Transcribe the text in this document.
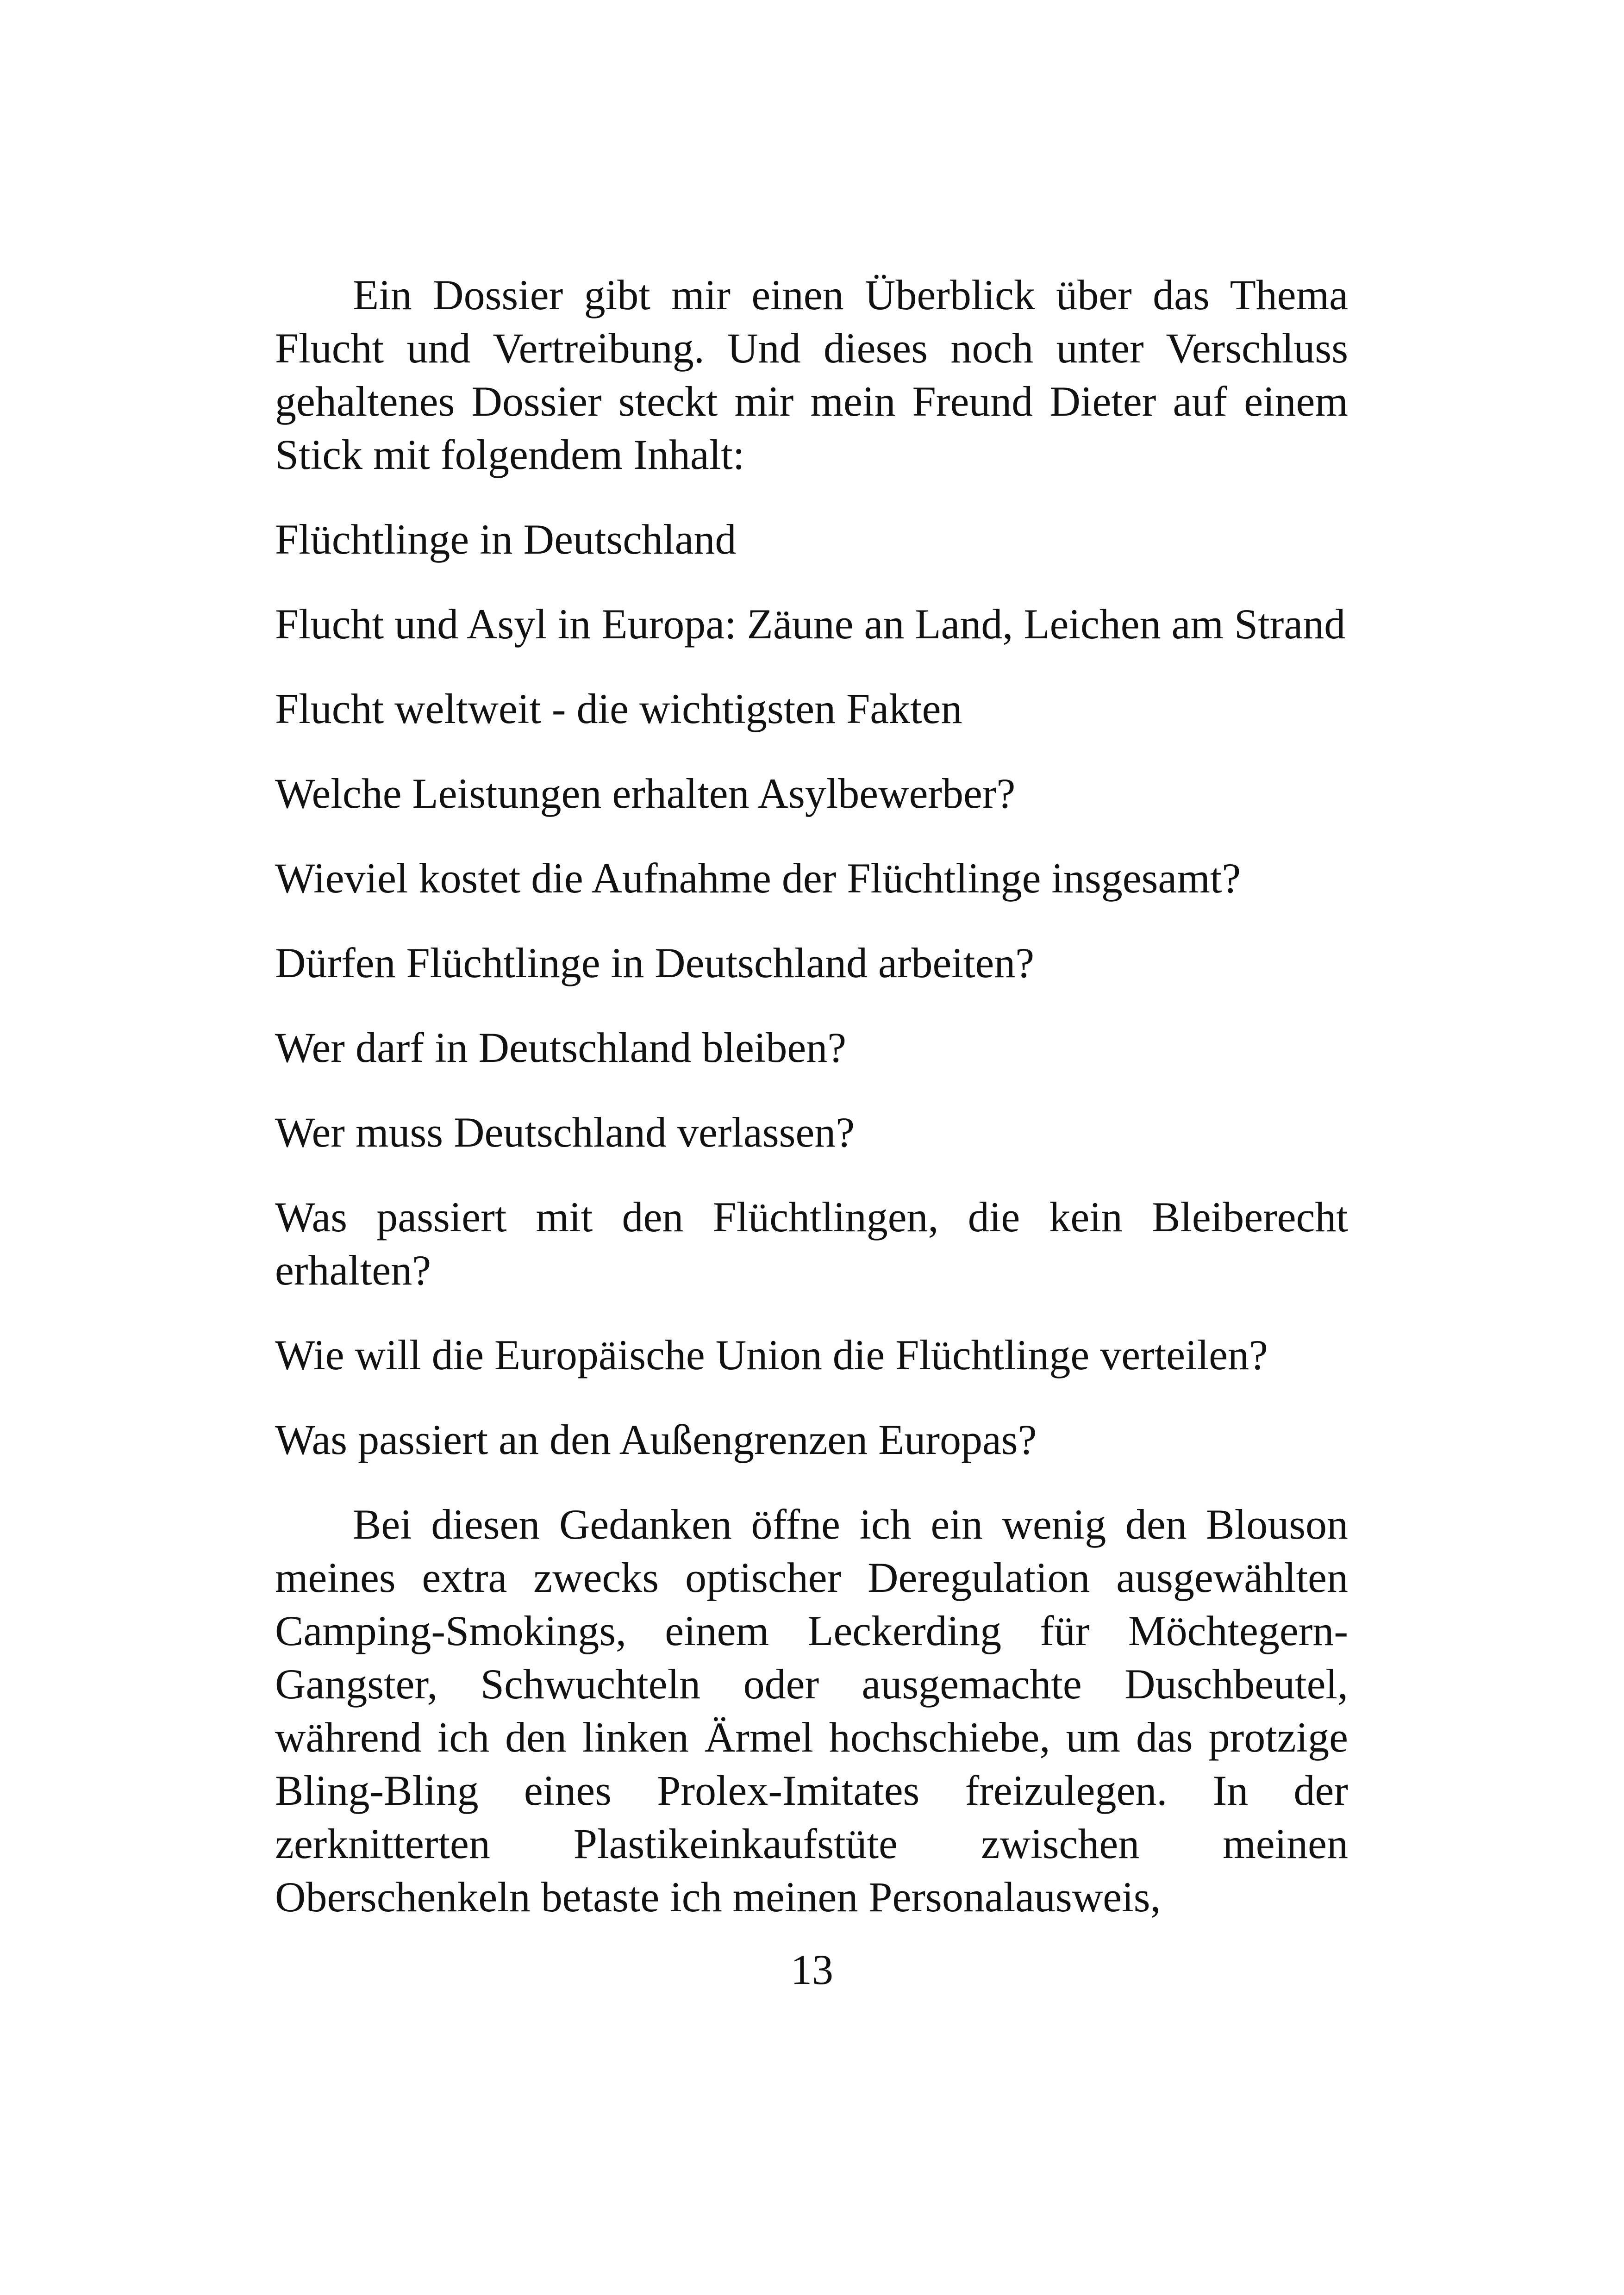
Ein Dossier gibt mir einen Überblick über das Thema Flucht und Vertreibung. Und dieses noch unter Verschluss gehaltenes Dossier steckt mir mein Freund Dieter auf einem Stick mit folgendem Inhalt:

Flüchtlinge in Deutschland

Flucht und Asyl in Europa: Zäune an Land, Leichen am Strand

Flucht weltweit - die wichtigsten Fakten

Welche Leistungen erhalten Asylbewerber?

Wieviel kostet die Aufnahme der Flüchtlinge insgesamt?

Dürfen Flüchtlinge in Deutschland arbeiten?

Wer darf in Deutschland bleiben?

Wer muss Deutschland verlassen?

Was passiert mit den Flüchtlingen, die kein Bleiberecht erhalten?

Wie will die Europäische Union die Flüchtlinge verteilen?

Was passiert an den Außengrenzen Europas?

Bei diesen Gedanken öffne ich ein wenig den Blouson meines extra zwecks optischer Deregulation ausgewählten Camping-Smokings, einem Leckerding für Möchtegern-Gangster, Schwuchteln oder ausgemachte Duschbeutel, während ich den linken Ärmel hochschiebe, um das protzige Bling-Bling eines Prolex-Imitates freizulegen. In der zerknitterten Plastikeinkaufstüte zwischen meinen Oberschenkeln betaste ich meinen Personalausweis,

13
